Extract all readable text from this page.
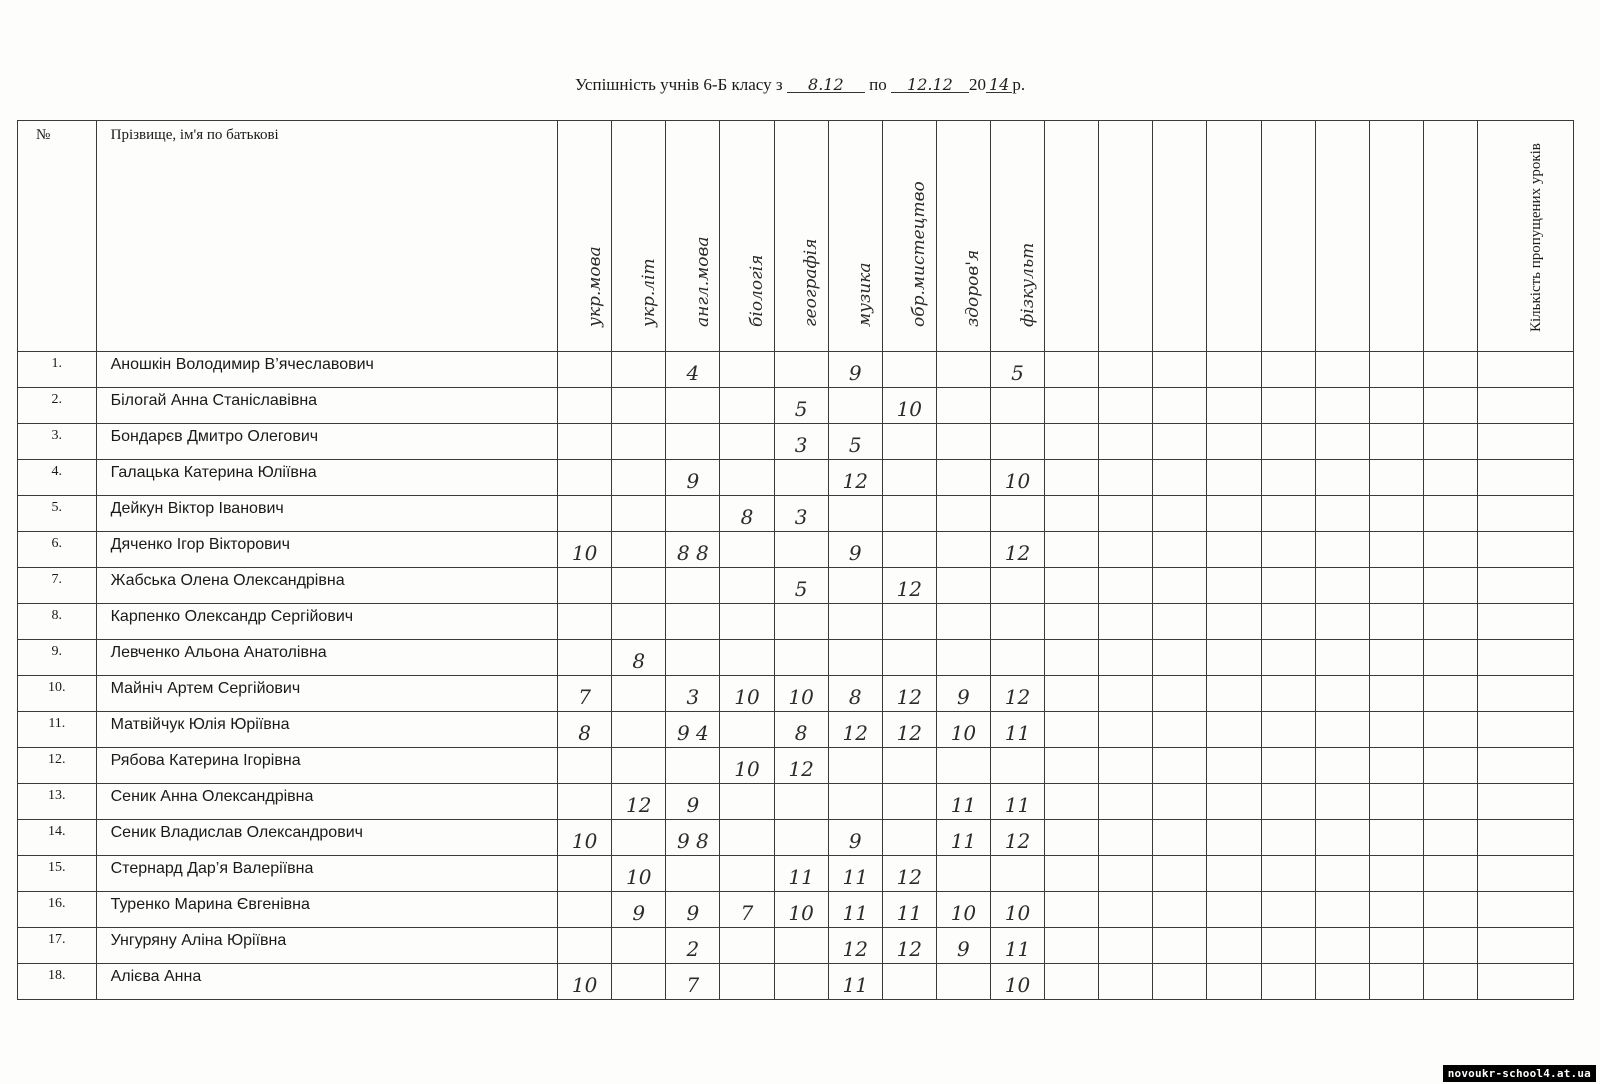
Успішність учнів 6-Б класу з 8.12 по 12.12 20 14 р.
№	Прізвище, ім'я по батькові	укр.мова	укр.літ	англ.мова	біологія	географія	музика	обр.мистецтво	здоров'я	фізкульт									Кількість пропущених уроків

1.	Аношкін Володимир В’ячеславович			4			9			5									
2.	Білогай Анна Станіславівна					5		10											
3.	Бондарєв Дмитро Олегович					3	5												
4.	Галацька Катерина Юліївна			9			12			10									
5.	Дейкун Віктор Іванович				8	3													
6.	Дяченко Ігор Вікторович	10		8 8			9			12									
7.	Жабська Олена Олександрівна					5		12											
8.	Карпенко Олександр Сергійович																		
9.	Левченко Альона Анатолівна		8																
10.	Майніч Артем Сергійович	7		3	10	10	8	12	9	12									
11.	Матвійчук Юлія Юріївна	8		9 4		8	12	12	10	11									
12.	Рябова Катерина Ігорівна				10	12													
13.	Сеник Анна Олександрівна		12	9					11	11									
14.	Сеник Владислав Олександрович	10		9 8			9		11	12									
15.	Стернард Дар’я Валеріївна		10			11	11	12											
16.	Туренко Марина Євгенівна		9	9	7	10	11	11	10	10									
17.	Унгуряну Аліна Юріївна			2			12	12	9	11									
18.	Алієва Анна	10		7			11			10									
novoukr-school4.at.ua
